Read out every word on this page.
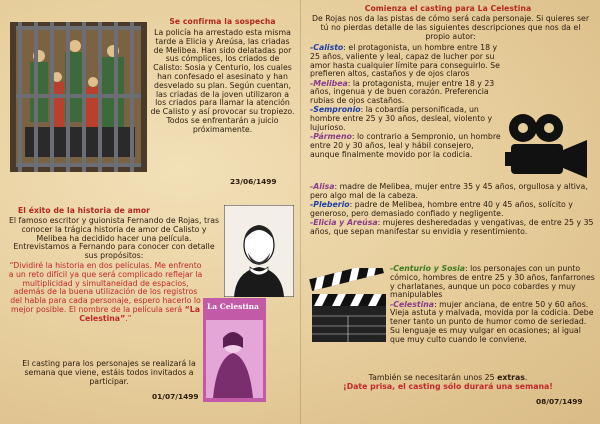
Se confirma la sospecha
La policía ha arrestado esta misma tarde a Elicia y Areúsa, las criadas de Melibea. Han sido delatadas por sus cómplices, los criados de Calisto: Sosia y Centurio, los cuales han confesado el asesinato y han desvelado su plan. Según cuentan, las criadas de la joven utilizaron a los criados para llamar la atención de Calisto y así provocar su tropiezo. Todos se enfrentarán a juicio próximamente.
23/06/1499
El éxito de la historia de amor
El famoso escritor y guionista Fernando de Rojas, tras conocer la trágica historia de amor de Calisto y Melibea ha decidido hacer una película. Entrevistamos a Fernando para conocer con detalle sus propósitos:
“Dividiré la historia en dos películas. Me enfrento a un reto difícil ya que será complicado reflejar la multiplicidad y simultaneidad de espacios, además de la buena utilización de los registros del habla para cada personaje, espero hacerlo lo mejor posible. El nombre de la película será “La Celestina”.”
La Celestina
El casting para los personajes se realizará la semana que viene, estáis todos invitados a participar.
01/07/1499
Comienza el casting para La Celestina
De Rojas nos da las pistas de cómo será cada personaje. Si quieres ser tú no pierdas detalle de las siguientes descripciones que nos da el propio autor:
-Calisto: el protagonista, un hombre entre 18 y 25 años, valiente y leal, capaz de lucher por su amor hasta cualquier límite para conseguirlo. Se prefieren altos, castaños y de ojos claros
-Melibea: la protagonista, mujer entre 18 y 23 años, ingenua y de buen corazón. Preferencia rubias de ojos castaños.
-Sempronio: la cobardía personificada, un hombre entre 25 y 30 años, desleal, violento y lujurioso.
-Pármeno: lo contrario a Sempronio, un hombre entre 20 y 30 años, leal y hábil consejero, aunque finalmente movido por la codicia.
-Alisa: madre de Melibea, mujer entre 35 y 45 años, orgullosa y altiva, pero algo mal de la cabeza.
-Pleberio: padre de Melibea, hombre entre 40 y 45 años, solícito y generoso, pero demasiado confiado y negligente.
-Elicia y Areúsa: mujeres desheredadas y vengativas, de entre 25 y 35 años, que sepan manifestar su envidia y resentimiento.
-Centurio y Sosia: los personajes con un punto cómico, hombres de entre 25 y 30 años, fanfarrones y charlatanes, aunque un poco cobardes y muy manipulables
-Celestina: mujer anciana, de entre 50 y 60 años. Vieja astuta y malvada, movida por la codicia. Debe tener tanto un punto de humor como de seriedad. Su lenguaje es muy vulgar en ocasiones; al igual que muy culto cuando le conviene.
También se necesitarán unos 25 extras.
¡Date prisa, el casting sólo durará una semana!
08/07/1499
